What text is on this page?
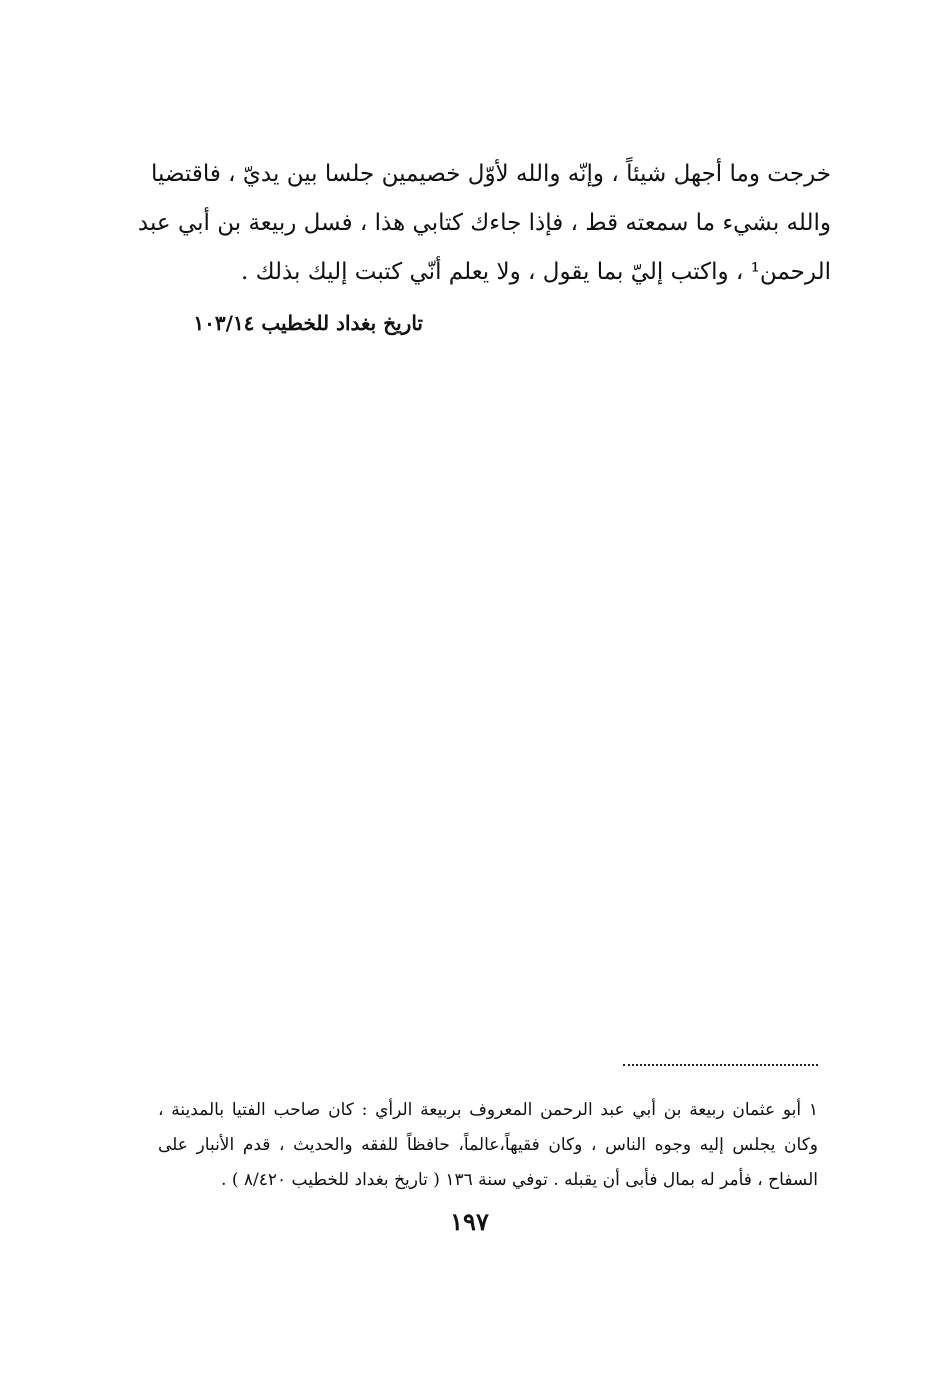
خرجت وما أجهل شيئاً ، وإنّه والله لأوّل خصيمين جلسا بين يديّ ، فاقتضيا
والله بشيء ما سمعته قط ، فإذا جاءك كتابي هذا ، فسل ربيعة بن أبي عبد
الرحمن¹ ، واكتب إليّ بما يقول ، ولا يعلم أنّي كتبت إليك بذلك .
تاريخ بغداد للخطيب ١٠٣/١٤
١ أبو عثمان ربيعة بن أبي عبد الرحمن المعروف بربيعة الرأي : كان صاحب الفتيا بالمدينة ،
وكان يجلس إليه وجوه الناس ، وكان فقيهاً،عالماً، حافظاً للفقه والحديث ، قدم الأنبار على
السفاح ، فأمر له بمال فأبى أن يقبله . توفي سنة ١٣٦ ( تاريخ بغداد للخطيب ٨/٤٢٠ ) .
١٩٧
